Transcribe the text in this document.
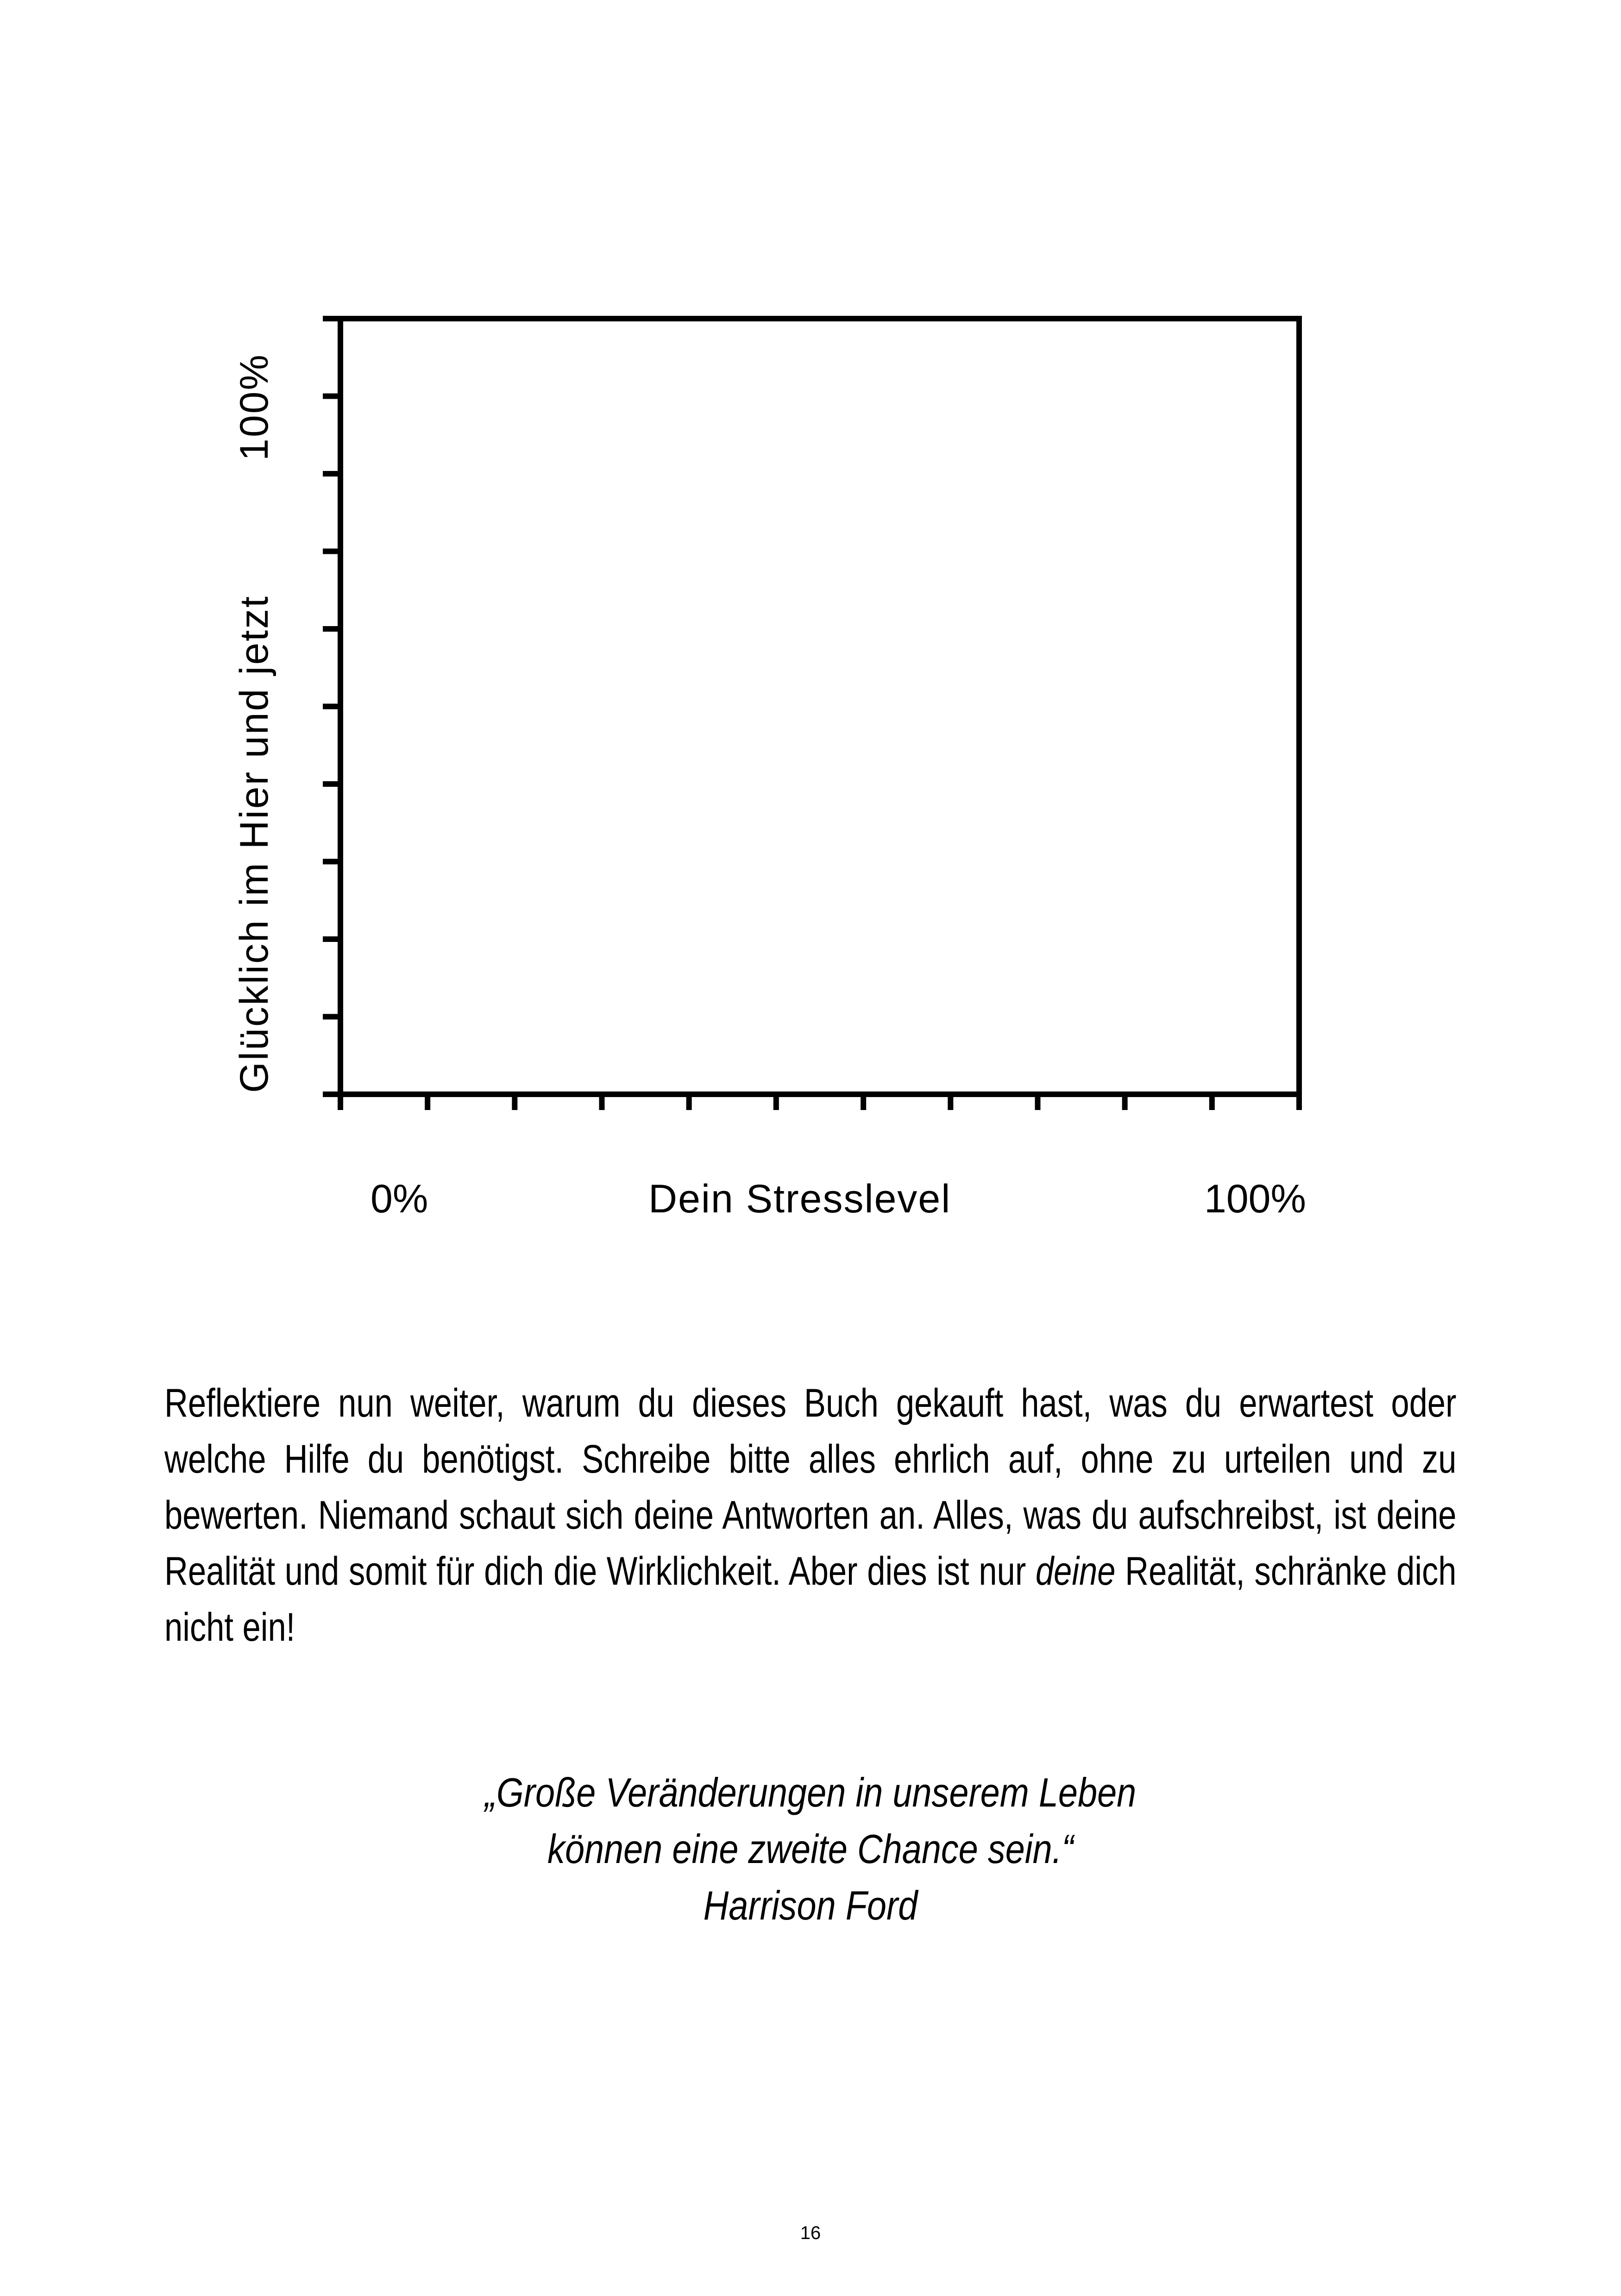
Glücklich im Hier und jetzt
100%
0%	Dein Stresslevel	100%
Reflektiere nun weiter, warum du dieses Buch gekauft hast, was du erwartest oder welche Hilfe du benötigst. Schreibe bitte alles ehrlich auf, ohne zu urteilen und zu bewerten. Niemand schaut sich deine Antworten an. Alles, was du aufschreibst, ist deine Realität und somit für dich die Wirklichkeit. Aber dies ist nur deine Realität, schränke dich nicht ein!
„Große Veränderungen in unserem Leben
können eine zweite Chance sein.“
Harrison Ford
16
